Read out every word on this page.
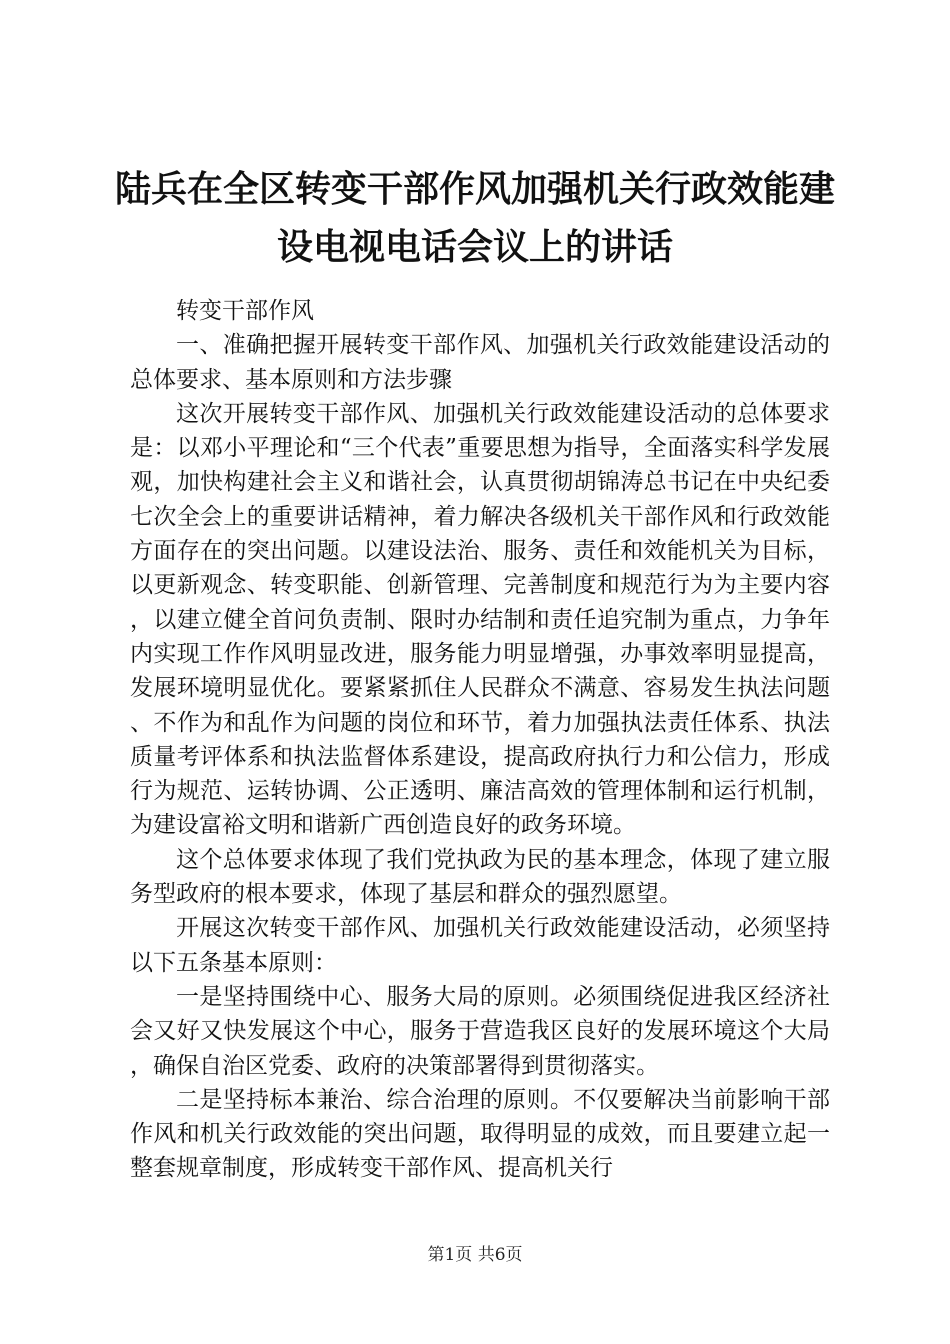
陆兵在全区转变干部作风加强机关行政效能建设电视电话会议上的讲话

转变干部作风

一、准确把握开展转变干部作风、加强机关行政效能建设活动的总体要求、基本原则和方法步骤

这次开展转变干部作风、加强机关行政效能建设活动的总体要求是：以邓小平理论和“三个代表”重要思想为指导，全面落实科学发展观，加快构建社会主义和谐社会，认真贯彻胡锦涛总书记在中央纪委七次全会上的重要讲话精神，着力解决各级机关干部作风和行政效能方面存在的突出问题。以建设法治、服务、责任和效能机关为目标，以更新观念、转变职能、创新管理、完善制度和规范行为为主要内容，以建立健全首问负责制、限时办结制和责任追究制为重点，力争年内实现工作作风明显改进，服务能力明显增强，办事效率明显提高，发展环境明显优化。要紧紧抓住人民群众不满意、容易发生执法问题、不作为和乱作为问题的岗位和环节，着力加强执法责任体系、执法质量考评体系和执法监督体系建设，提高政府执行力和公信力，形成行为规范、运转协调、公正透明、廉洁高效的管理体制和运行机制，为建设富裕文明和谐新广西创造良好的政务环境。

这个总体要求体现了我们党执政为民的基本理念，体现了建立服务型政府的根本要求，体现了基层和群众的强烈愿望。

开展这次转变干部作风、加强机关行政效能建设活动，必须坚持以下五条基本原则：

一是坚持围绕中心、服务大局的原则。必须围绕促进我区经济社会又好又快发展这个中心，服务于营造我区良好的发展环境这个大局，确保自治区党委、政府的决策部署得到贯彻落实。

二是坚持标本兼治、综合治理的原则。不仅要解决当前影响干部作风和机关行政效能的突出问题，取得明显的成效，而且要建立起一整套规章制度，形成转变干部作风、提高机关行

第1页 共6页
